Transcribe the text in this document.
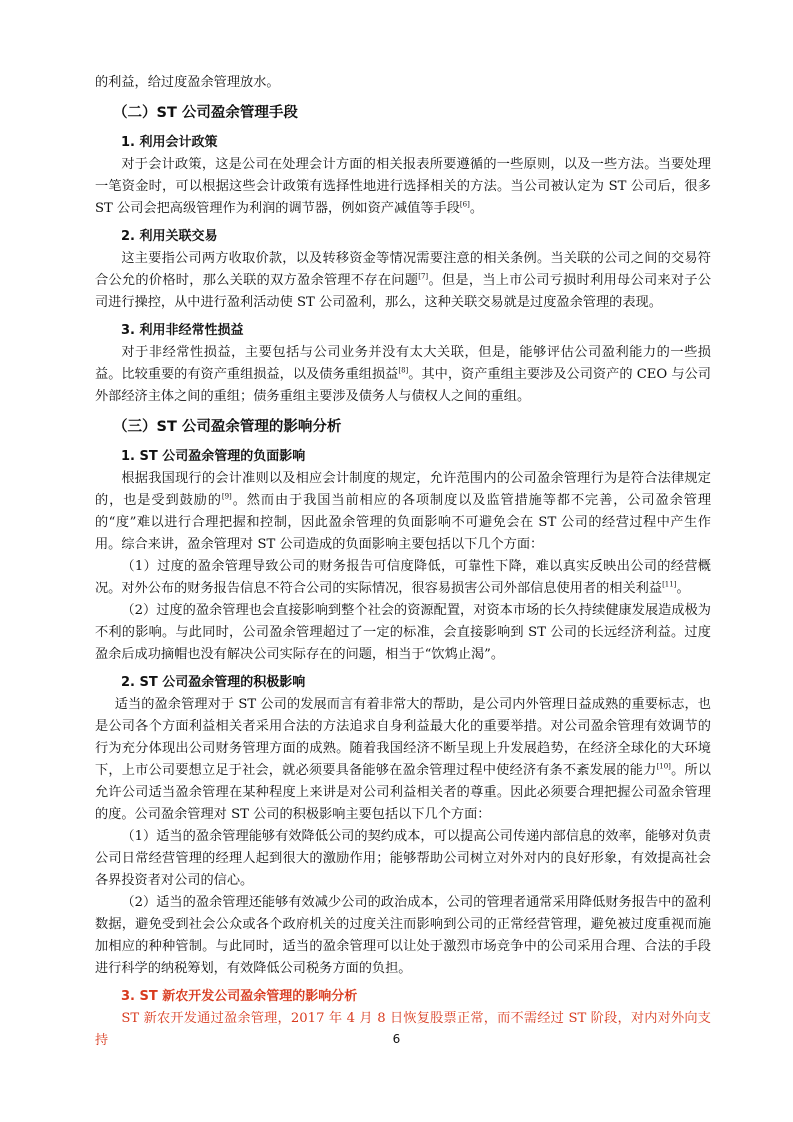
的利益，给过度盈余管理放水。

（二）ST 公司盈余管理手段
1. 利用会计政策

对于会计政策，这是公司在处理会计方面的相关报表所要遵循的一些原则，以及一些方法。当要处理一笔资金时，可以根据这些会计政策有选择性地进行选择相关的方法。当公司被认定为 ST 公司后，很多 ST 公司会把高级管理作为利润的调节器，例如资产减值等手段[6]。

2. 利用关联交易

这主要指公司两方收取价款，以及转移资金等情况需要注意的相关条例。当关联的公司之间的交易符合公允的价格时，那么关联的双方盈余管理不存在问题[7]。但是，当上市公司亏损时利用母公司来对子公司进行操控，从中进行盈利活动使 ST 公司盈利，那么，这种关联交易就是过度盈余管理的表现。

3. 利用非经常性损益

对于非经常性损益，主要包括与公司业务并没有太大关联，但是，能够评估公司盈利能力的一些损益。比较重要的有资产重组损益，以及债务重组损益[8]。其中，资产重组主要涉及公司资产的 CEO 与公司外部经济主体之间的重组；债务重组主要涉及债务人与债权人之间的重组。

（三）ST 公司盈余管理的影响分析
1. ST 公司盈余管理的负面影响

根据我国现行的会计准则以及相应会计制度的规定，允许范围内的公司盈余管理行为是符合法律规定的，也是受到鼓励的[9]。然而由于我国当前相应的各项制度以及监管措施等都不完善，公司盈余管理的“度”难以进行合理把握和控制，因此盈余管理的负面影响不可避免会在 ST 公司的经营过程中产生作用。综合来讲，盈余管理对 ST 公司造成的负面影响主要包括以下几个方面：

（1）过度的盈余管理导致公司的财务报告可信度降低，可靠性下降，难以真实反映出公司的经营概况。对外公布的财务报告信息不符合公司的实际情况，很容易损害公司外部信息使用者的相关利益[11]。

（2）过度的盈余管理也会直接影响到整个社会的资源配置，对资本市场的长久持续健康发展造成极为不利的影响。与此同时，公司盈余管理超过了一定的标准，会直接影响到 ST 公司的长远经济利益。过度盈余后成功摘帽也没有解决公司实际存在的问题，相当于“饮鸩止渴”。

2. ST 公司盈余管理的积极影响

适当的盈余管理对于 ST 公司的发展而言有着非常大的帮助，是公司内外管理日益成熟的重要标志，也是公司各个方面利益相关者采用合法的方法追求自身利益最大化的重要举措。对公司盈余管理有效调节的行为充分体现出公司财务管理方面的成熟。随着我国经济不断呈现上升发展趋势，在经济全球化的大环境下，上市公司要想立足于社会，就必须要具备能够在盈余管理过程中使经济有条不紊发展的能力[10]。所以允许公司适当盈余管理在某种程度上来讲是对公司利益相关者的尊重。因此必须要合理把握公司盈余管理的度。公司盈余管理对 ST 公司的积极影响主要包括以下几个方面：

（1）适当的盈余管理能够有效降低公司的契约成本，可以提高公司传递内部信息的效率，能够对负责公司日常经营管理的经理人起到很大的激励作用；能够帮助公司树立对外对内的良好形象，有效提高社会各界投资者对公司的信心。

（2）适当的盈余管理还能够有效减少公司的政治成本，公司的管理者通常采用降低财务报告中的盈利数据，避免受到社会公众或各个政府机关的过度关注而影响到公司的正常经营管理，避免被过度重视而施加相应的种种管制。与此同时，适当的盈余管理可以让处于激烈市场竞争中的公司采用合理、合法的手段进行科学的纳税筹划，有效降低公司税务方面的负担。

3. ST 新农开发公司盈余管理的影响分析

ST 新农开发通过盈余管理，2017 年 4 月 8 日恢复股票正常，而不需经过 ST 阶段，对内对外向支持	6
